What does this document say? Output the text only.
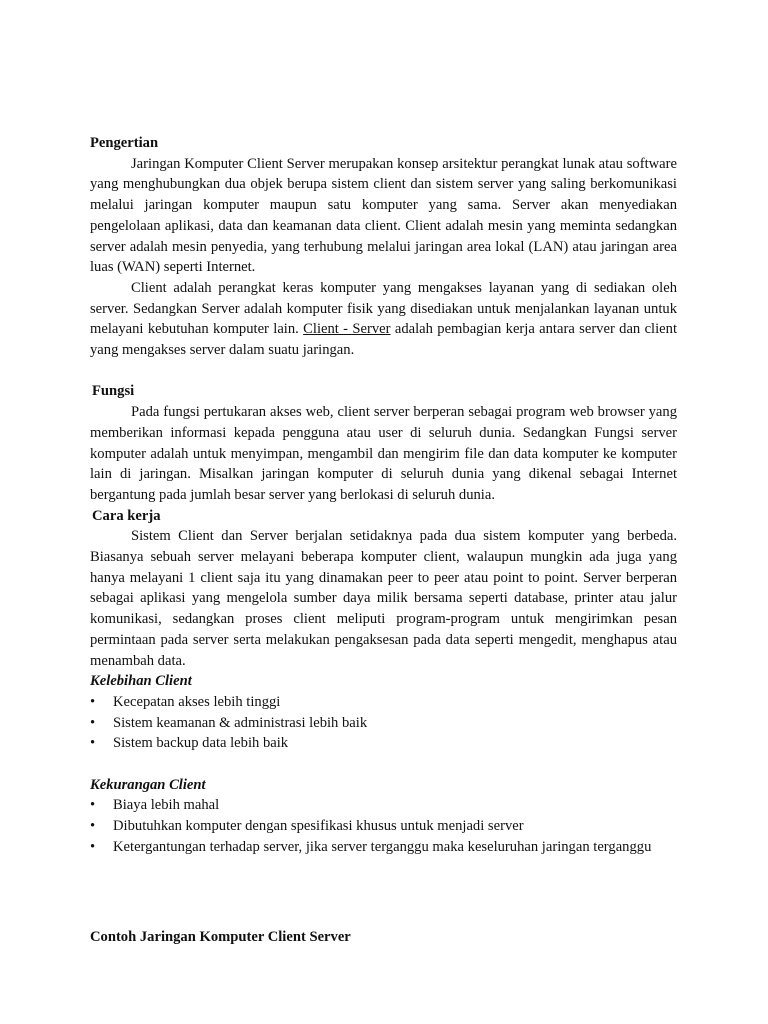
Pengertian

Jaringan Komputer Client Server merupakan konsep arsitektur perangkat lunak atau software yang menghubungkan dua objek berupa sistem client dan sistem server yang saling berkomunikasi melalui jaringan komputer maupun satu komputer yang sama. Server akan menyediakan pengelolaan aplikasi, data dan keamanan data client. Client adalah mesin yang meminta sedangkan server adalah mesin penyedia, yang terhubung melalui jaringan area lokal (LAN) atau jaringan area luas (WAN) seperti Internet.

Client adalah perangkat keras komputer yang mengakses layanan yang di sediakan oleh server. Sedangkan Server adalah komputer fisik yang disediakan untuk menjalankan layanan untuk melayani kebutuhan komputer lain. Client - Server adalah pembagian kerja antara server dan client yang mengakses server dalam suatu jaringan.

Fungsi

Pada fungsi pertukaran akses web, client server berperan sebagai program web browser yang memberikan informasi kepada pengguna atau user di seluruh dunia. Sedangkan Fungsi server komputer adalah untuk menyimpan, mengambil dan mengirim file dan data komputer ke komputer lain di jaringan. Misalkan jaringan komputer di seluruh dunia yang dikenal sebagai Internet bergantung pada jumlah besar server yang berlokasi di seluruh dunia.

Cara kerja

Sistem Client dan Server berjalan setidaknya pada dua sistem komputer yang berbeda. Biasanya sebuah server melayani beberapa komputer client, walaupun mungkin ada juga yang hanya melayani 1 client saja itu yang dinamakan peer to peer atau point to point. Server berperan sebagai aplikasi yang mengelola sumber daya milik bersama seperti database, printer atau jalur komunikasi, sedangkan proses client meliputi program-program untuk mengirimkan pesan permintaan pada server serta melakukan pengaksesan pada data seperti mengedit, menghapus atau menambah data.

Kelebihan Client

• Kecepatan akses lebih tinggi
• Sistem keamanan & administrasi lebih baik
• Sistem backup data lebih baik

Kekurangan Client

• Biaya lebih mahal
• Dibutuhkan komputer dengan spesifikasi khusus untuk menjadi server
• Ketergantungan terhadap server, jika server terganggu maka keseluruhan jaringan terganggu

Contoh Jaringan Komputer Client Server
